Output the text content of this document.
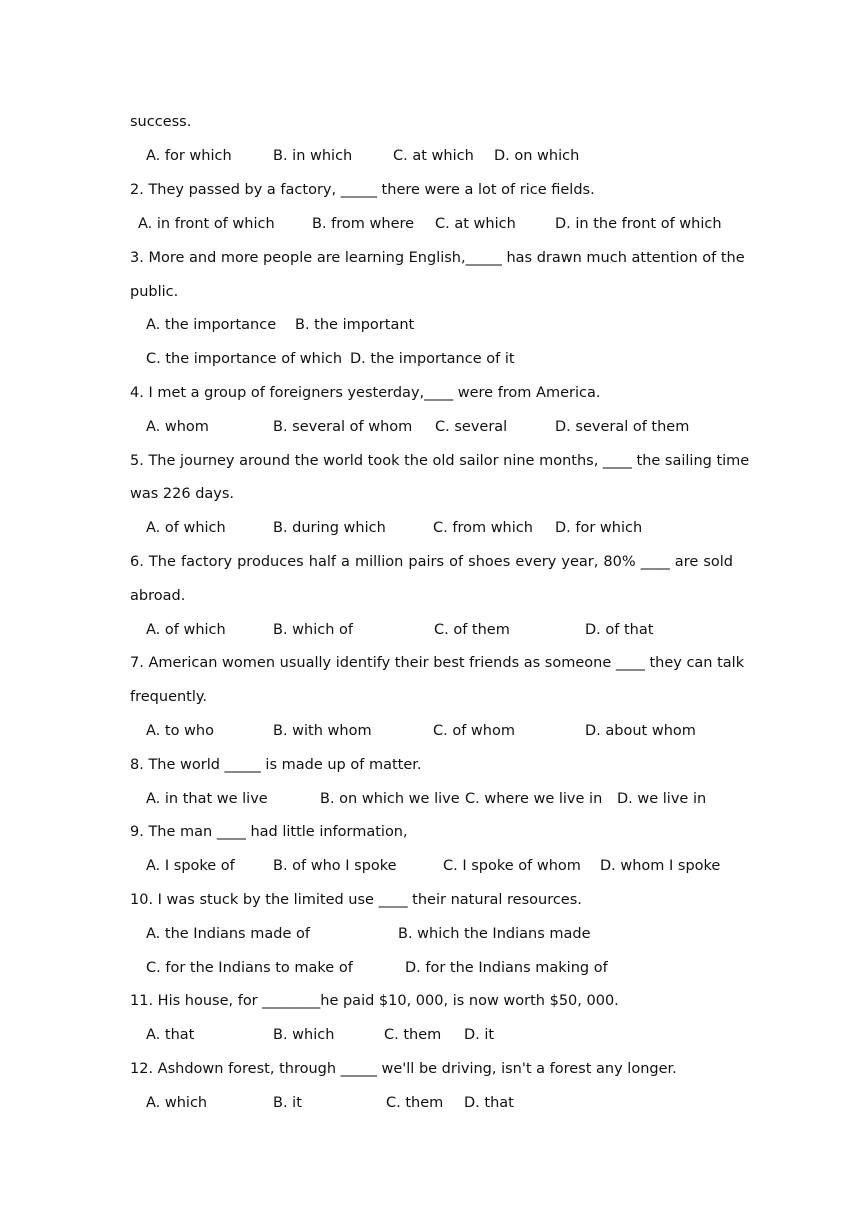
success.
A. for which	B. in which	C. at which D. on which
2. They passed by a factory, _____ there were a lot of rice fields.
A. in front of which	B. from where C. at which	D. in the front of which
3. More and more people are learning English,_____ has drawn much attention of the
public.
A. the importance B. the important
C. the importance of which D. the importance of it
4. I met a group of foreigners yesterday,____ were from America.
A. whom	B. several of whom C. several	D. several of them
5. The journey around the world took the old sailor nine months, ____ the sailing time
was 226 days.
A. of which	B. during which	C. from which D. for which
6. The factory produces half a million pairs of shoes every year, 80% ____ are sold
abroad.
A. of which	B. which of	C. of them	D. of that
7. American women usually identify their best friends as someone ____ they can talk
frequently.
A. to who	B. with whom	C. of whom	D. about whom
8. The world _____ is made up of matter.
A. in that we live	B. on which we live C. where we live in D. we live in
9. The man ____ had little information,
A. I spoke of	B. of who I spoke	C. I spoke of whom D. whom I spoke
10. I was stuck by the limited use ____ their natural resources.
A. the Indians made of	B. which the Indians made
C. for the Indians to make of	D. for the Indians making of
11. His house, for ________he paid $10, 000, is now worth $50, 000.
A. that	B. which	C. them D. it
12. Ashdown forest, through _____ we'll be driving, isn't a forest any longer.
A. which	B. it	C. them D. that
